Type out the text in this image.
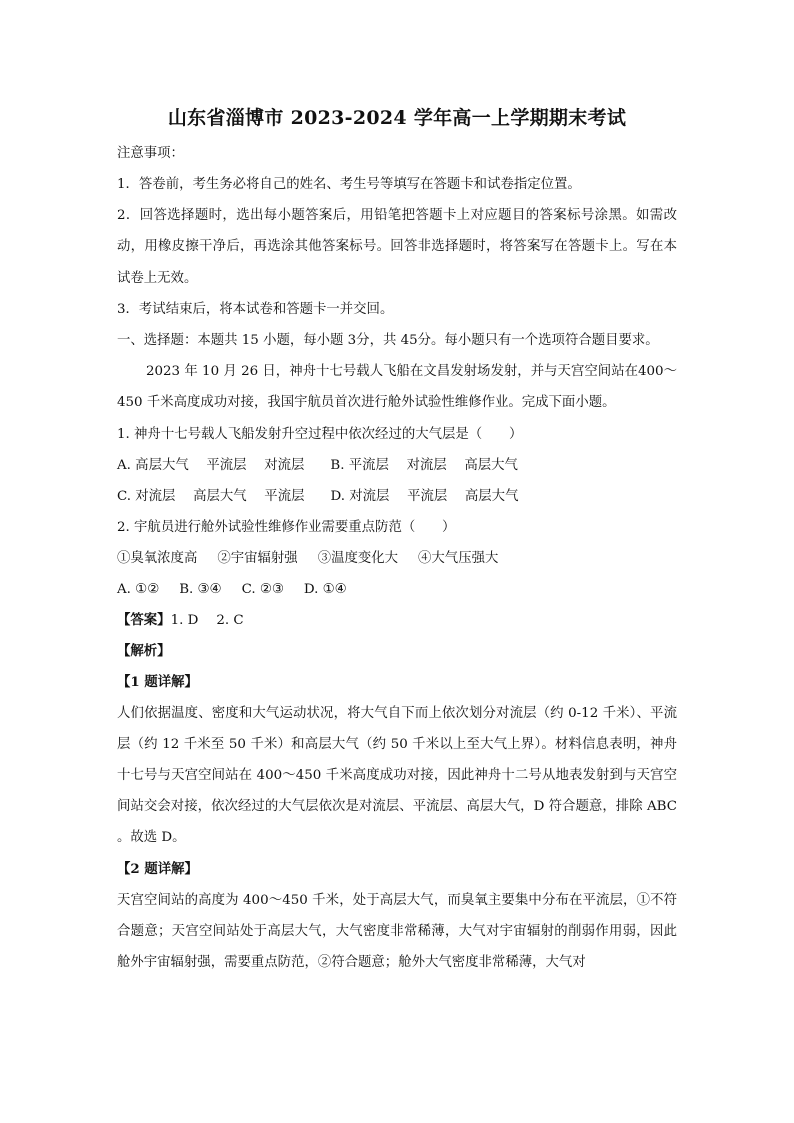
山东省淄博市 2023-2024 学年高一上学期期末考试

注意事项：

1．答卷前，考生务必将自己的姓名、考生号等填写在答题卡和试卷指定位置。

2．回答选择题时，选出每小题答案后，用铅笔把答题卡上对应题目的答案标号涂黑。如需改动，用橡皮擦干净后，再选涂其他答案标号。回答非选择题时，将答案写在答题卡上。写在本试卷上无效。

3．考试结束后，将本试卷和答题卡一并交回。

一、选择题：本题共 15 小题，每小题 3分，共 45分。每小题只有一个选项符合题目要求。

2023 年 10 月 26 日，神舟十七号载人飞船在文昌发射场发射，并与天宫空间站在400～450 千米高度成功对接，我国宇航员首次进行舱外试验性维修作业。完成下面小题。

1. 神舟十七号载人飞船发射升空过程中依次经过的大气层是（　　）

A. 高层大气　 平流层　 对流层 B. 平流层　 对流层　 高层大气
C. 对流层　 高层大气　 平流层 D. 对流层　 平流层　 高层大气

2. 宇航员进行舱外试验性维修作业需要重点防范（　　）

①臭氧浓度高 ②宇宙辐射强 ③温度变化大 ④大气压强大
A. ①② B. ③④ C. ②③ D. ①④

【答案】1. D 2. C

【解析】

【1 题详解】

人们依据温度、密度和大气运动状况，将大气自下而上依次划分对流层（约 0-12 千米）、平流层（约 12 千米至 50 千米）和高层大气（约 50 千米以上至大气上界）。材料信息表明，神舟十七号与天宫空间站在 400～450 千米高度成功对接，因此神舟十二号从地表发射到与天宫空间站交会对接，依次经过的大气层依次是对流层、平流层、高层大气，D 符合题意，排除 ABC 。故选 D。

【2 题详解】

天宫空间站的高度为 400～450 千米，处于高层大气，而臭氧主要集中分布在平流层，①不符合题意；天宫空间站处于高层大气，大气密度非常稀薄，大气对宇宙辐射的削弱作用弱，因此舱外宇宙辐射强，需要重点防范，②符合题意；舱外大气密度非常稀薄，大气对
